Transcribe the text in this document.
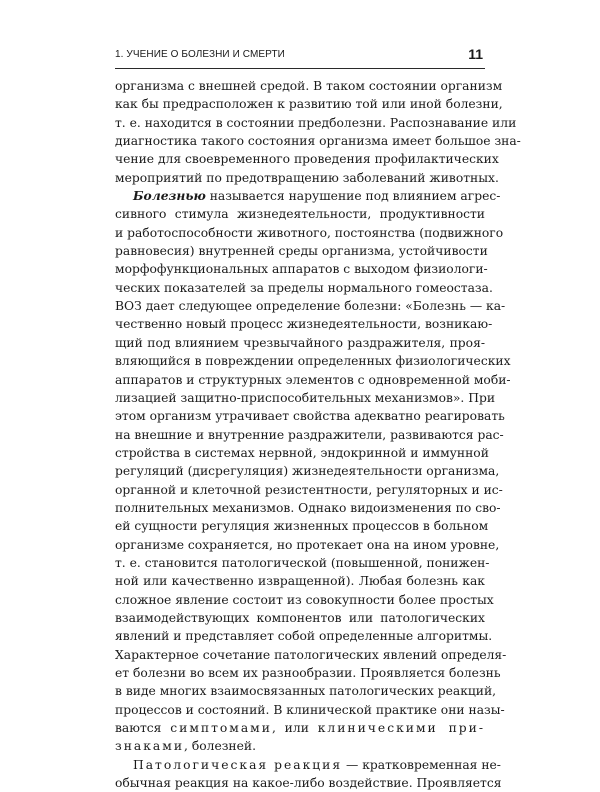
1. УЧЕНИЕ О БОЛЕЗНИ И СМЕРТИ	11
организма с внешней средой. В таком состоянии организм
как бы предрасположен к развитию той или иной болезни,
т. е. находится в состоянии предболезни. Распознавание или
диагностика такого состояния организма имеет большое зна-
чение для своевременного проведения профилактических
мероприятий по предотвращению заболеваний животных.
Болезнью называется нарушение под влиянием агрес-
сивного стимула жизнедеятельности, продуктивности
и работоспособности животного, постоянства (подвижного
равновесия) внутренней среды организма, устойчивости
морфофункциональных аппаратов с выходом физиологи-
ческих показателей за пределы нормального гомеостаза.
ВОЗ дает следующее определение болезни: «Болезнь — ка-
чественно новый процесс жизнедеятельности, возникаю-
щий под влиянием чрезвычайного раздражителя, проя-
вляющийся в повреждении определенных физиологических
аппаратов и структурных элементов с одновременной моби-
лизацией защитно-приспособительных механизмов». При
этом организм утрачивает свойства адекватно реагировать
на внешние и внутренние раздражители, развиваются рас-
стройства в системах нервной, эндокринной и иммунной
регуляций (дисрегуляция) жизнедеятельности организма,
органной и клеточной резистентности, регуляторных и ис-
полнительных механизмов. Однако видоизменения по сво-
ей сущности регуляция жизненных процессов в больном
организме сохраняется, но протекает она на ином уровне,
т. е. становится патологической (повышенной, понижен-
ной или качественно извращенной). Любая болезнь как
сложное явление состоит из совокупности более простых
взаимодействующих компонентов или патологических
явлений и представляет собой определенные алгоритмы.
Характерное сочетание патологических явлений определя-
ет болезни во всем их разнообразии. Проявляется болезнь
в виде многих взаимосвязанных патологических реакций,
процессов и состояний. В клинической практике они назы-
ваются симптомами, или клиническими при-
знаками, болезней.
Патологическая реакция — кратковременная не-
обычная реакция на какое-либо воздействие. Проявляется
